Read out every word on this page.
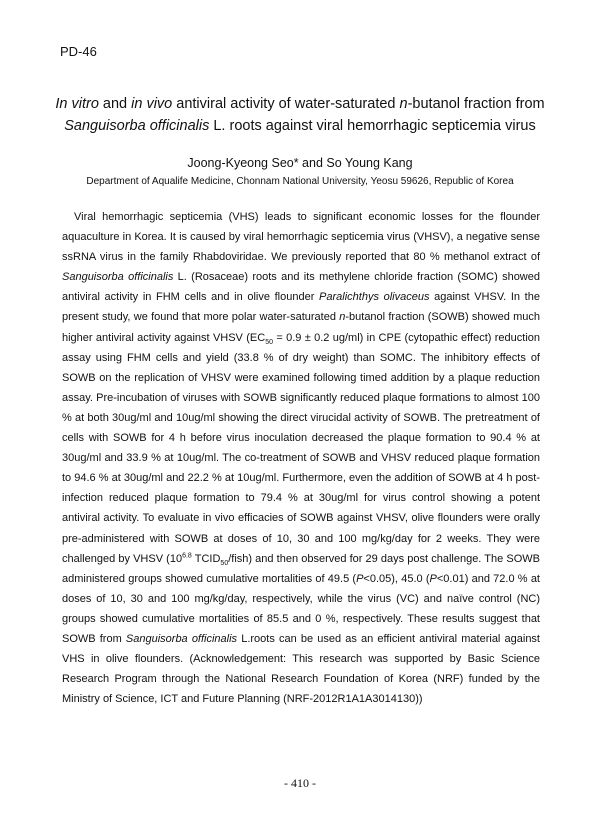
PD-46
In vitro and in vivo antiviral activity of water-saturated n-butanol fraction from
Sanguisorba officinalis L. roots against viral hemorrhagic septicemia virus
Joong-Kyeong Seo* and So Young Kang
Department of Aqualife Medicine, Chonnam National University, Yeosu 59626, Republic of Korea

Viral hemorrhagic septicemia (VHS) leads to significant economic losses for the flounder aquaculture in Korea. It is caused by viral hemorrhagic septicemia virus (VHSV), a negative sense ssRNA virus in the family Rhabdoviridae. We previously reported that 80 % methanol extract of Sanguisorba officinalis L. (Rosaceae) roots and its methylene chloride fraction (SOMC) showed antiviral activity in FHM cells and in olive flounder Paralichthys olivaceus against VHSV. In the present study, we found that more polar water-saturated n-butanol fraction (SOWB) showed much higher antiviral activity against VHSV ($EC_{50} = 0.9 \pm 0.2$ ug/ml) in CPE (cytopathic effect) reduction assay using FHM cells and yield (33.8 % of dry weight) than SOMC. The inhibitory effects of SOWB on the replication of VHSV were examined following timed addition by a plaque reduction assay. Pre-incubation of viruses with SOWB significantly reduced plaque formations to almost 100 % at both 30ug/ml and 10ug/ml showing the direct virucidal activity of SOWB. The pretreatment of cells with SOWB for 4 h before virus inoculation decreased the plaque formation to 90.4 % at 30ug/ml and 33.9 % at 10ug/ml. The co-treatment of SOWB and VHSV reduced plaque formation to 94.6 % at 30ug/ml and 22.2 % at 10ug/ml. Furthermore, even the addition of SOWB at 4 h post-infection reduced plaque formation to 79.4 % at 30ug/ml for virus control showing a potent antiviral activity. To evaluate in vivo efficacies of SOWB against VHSV, olive flounders were orally pre-administered with SOWB at doses of 10, 30 and 100 mg/kg/day for 2 weeks. They were challenged by VHSV ($10^{6.8}$ $TCID_{50}/fish$) and then observed for 29 days post challenge. The SOWB administered groups showed cumulative mortalities of 49.5 (P<0.05), 45.0 (P<0.01) and 72.0 % at doses of 10, 30 and 100 mg/kg/day, respectively, while the virus (VC) and naïve control (NC) groups showed cumulative mortalities of 85.5 and 0 %, respectively. These results suggest that SOWB from Sanguisorba officinalis L.roots can be used as an efficient antiviral material against VHS in olive flounders. (Acknowledgement: This research was supported by Basic Science Research Program through the National Research Foundation of Korea (NRF) funded by the Ministry of Science, ICT and Future Planning (NRF-2012R1A1A3014130))

- 410 -
